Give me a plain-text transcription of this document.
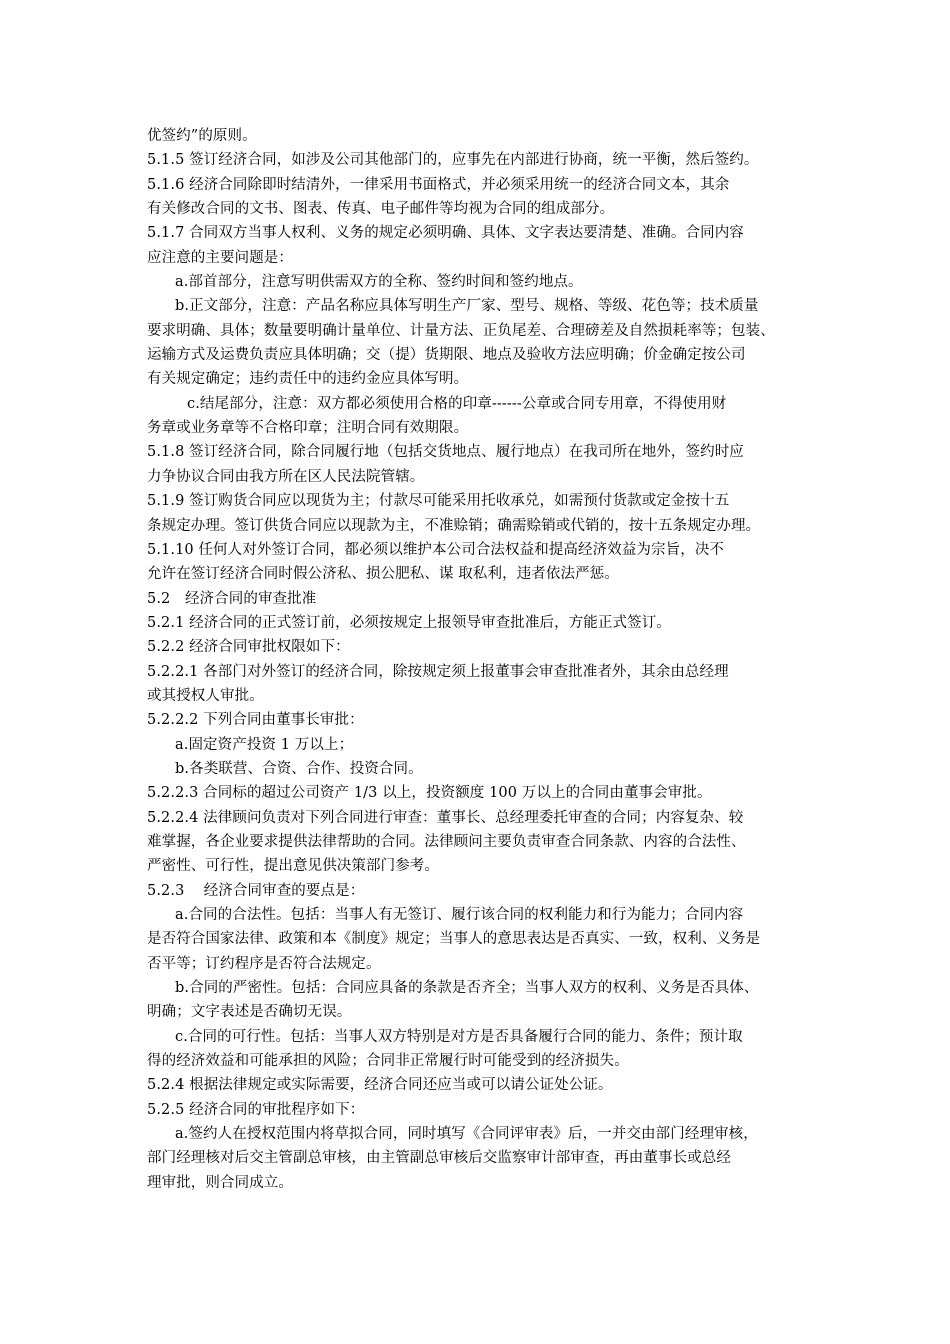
优签约”的原则。

5.1.5 签订经济合同，如涉及公司其他部门的，应事先在内部进行协商，统一平衡，然后签约。

5.1.6 经济合同除即时结清外，一律采用书面格式，并必须采用统一的经济合同文本，其余

有关修改合同的文书、图表、传真、电子邮件等均视为合同的组成部分。

5.1.7 合同双方当事人权利、义务的规定必须明确、具体、文字表达要清楚、准确。合同内容

应注意的主要问题是：

a.部首部分，注意写明供需双方的全称、签约时间和签约地点。

b.正文部分，注意：产品名称应具体写明生产厂家、型号、规格、等级、花色等；技术质量

要求明确、具体；数量要明确计量单位、计量方法、正负尾差、合理磅差及自然损耗率等；包装、

运输方式及运费负责应具体明确；交（提）货期限、地点及验收方法应明确；价金确定按公司

有关规定确定；违约责任中的违约金应具体写明。

c.结尾部分，注意：双方都必须使用合格的印章------公章或合同专用章，不得使用财

务章或业务章等不合格印章；注明合同有效期限。

5.1.8 签订经济合同，除合同履行地（包括交货地点、履行地点）在我司所在地外，签约时应

力争协议合同由我方所在区人民法院管辖。

5.1.9 签订购货合同应以现货为主；付款尽可能采用托收承兑，如需预付货款或定金按十五

条规定办理。签订供货合同应以现款为主，不准赊销；确需赊销或代销的，按十五条规定办理。

5.1.10 任何人对外签订合同，都必须以维护本公司合法权益和提高经济效益为宗旨，决不

允许在签订经济合同时假公济私、损公肥私、谋 取私利，违者依法严惩。

5.2　经济合同的审查批准

5.2.1 经济合同的正式签订前，必须按规定上报领导审查批准后，方能正式签订。

5.2.2 经济合同审批权限如下：

5.2.2.1 各部门对外签订的经济合同，除按规定须上报董事会审查批准者外，其余由总经理

或其授权人审批。

5.2.2.2 下列合同由董事长审批：

a.固定资产投资 1 万以上；

b.各类联营、合资、合作、投资合同。

5.2.2.3 合同标的超过公司资产 1/3 以上，投资额度 100 万以上的合同由董事会审批。

5.2.2.4 法律顾问负责对下列合同进行审查：董事长、总经理委托审查的合同；内容复杂、较

难掌握，各企业要求提供法律帮助的合同。法律顾问主要负责审查合同条款、内容的合法性、

严密性、可行性，提出意见供决策部门参考。

5.2.3　 经济合同审查的要点是：

a.合同的合法性。包括：当事人有无签订、履行该合同的权利能力和行为能力；合同内容

是否符合国家法律、政策和本《制度》规定；当事人的意思表达是否真实、一致，权利、义务是

否平等；订约程序是否符合法规定。

b.合同的严密性。包括：合同应具备的条款是否齐全；当事人双方的权利、义务是否具体、

明确；文字表述是否确切无误。

c.合同的可行性。包括：当事人双方特别是对方是否具备履行合同的能力、条件；预计取

得的经济效益和可能承担的风险；合同非正常履行时可能受到的经济损失。

5.2.4 根据法律规定或实际需要，经济合同还应当或可以请公证处公证。

5.2.5 经济合同的审批程序如下：

a.签约人在授权范围内将草拟合同，同时填写《合同评审表》后，一并交由部门经理审核，

部门经理核对后交主管副总审核，由主管副总审核后交监察审计部审查，再由董事长或总经

理审批，则合同成立。
